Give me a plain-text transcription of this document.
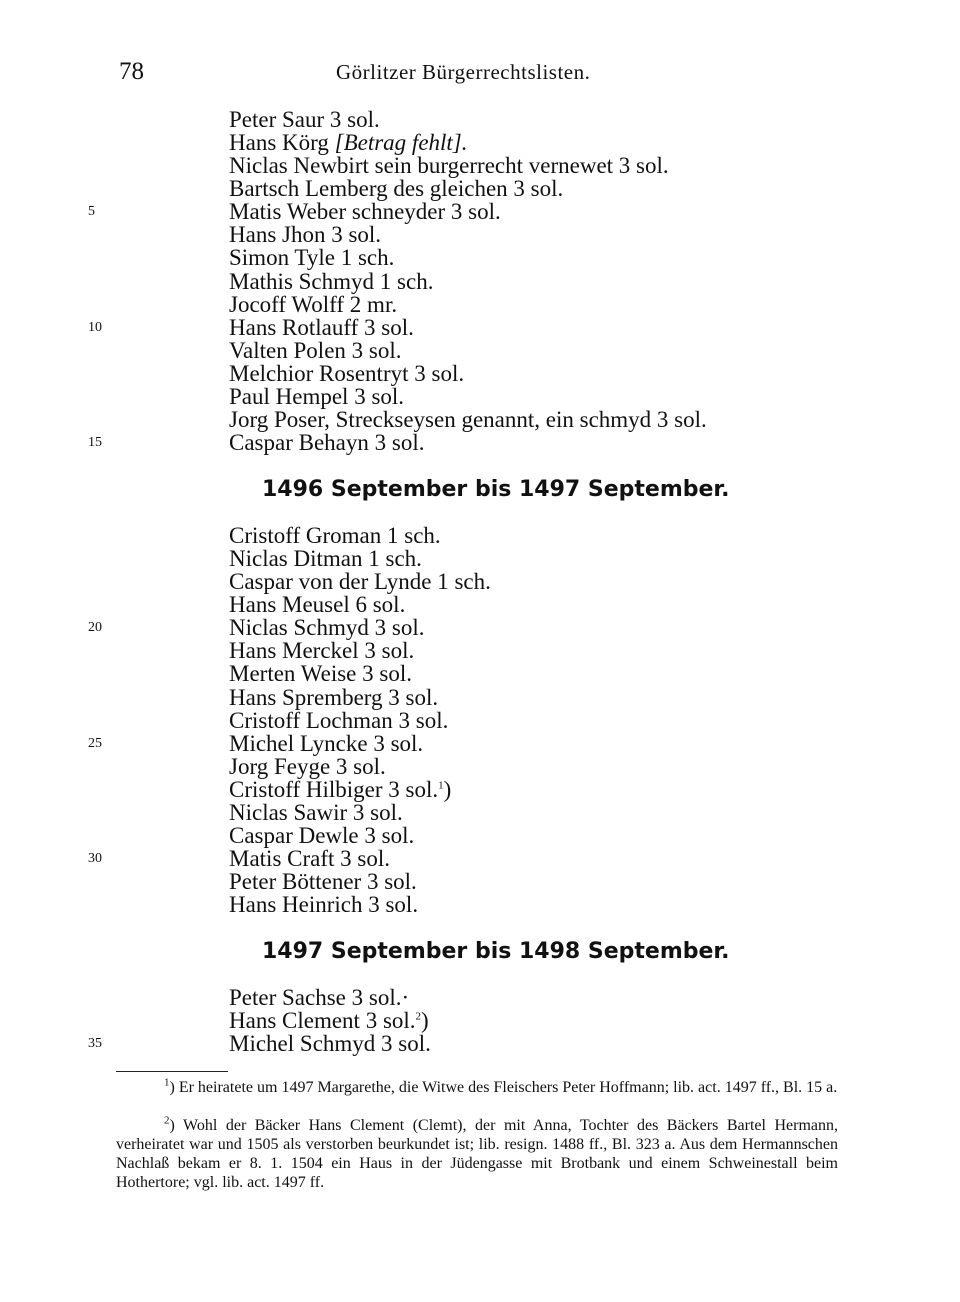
78	Görlitzer Bürgerrechtslisten.
5
10
15
20
25
30
35
Peter Saur 3 sol.
Hans Körg [Betrag fehlt].
Niclas Newbirt sein burgerrecht vernewet 3 sol.
Bartsch Lemberg des gleichen 3 sol.
Matis Weber schneyder 3 sol.
Hans Jhon 3 sol.
Simon Tyle 1 sch.
Mathis Schmyd 1 sch.
Jocoff Wolff 2 mr.
Hans Rotlauff 3 sol.
Valten Polen 3 sol.
Melchior Rosentryt 3 sol.
Paul Hempel 3 sol.
Jorg Poser, Streckseysen genannt, ein schmyd 3 sol.
Caspar Behayn 3 sol.
Cristoff Groman 1 sch.
Niclas Ditman 1 sch.
Caspar von der Lynde 1 sch.
Hans Meusel 6 sol.
Niclas Schmyd 3 sol.
Hans Merckel 3 sol.
Merten Weise 3 sol.
Hans Spremberg 3 sol.
Cristoff Lochman 3 sol.
Michel Lyncke 3 sol.
Jorg Feyge 3 sol.
Cristoff Hilbiger 3 sol.$^1$)
Niclas Sawir 3 sol.
Caspar Dewle 3 sol.
Matis Craft 3 sol.
Peter Böttener 3 sol.
Hans Heinrich 3 sol.
Peter Sachse 3 sol.·
Hans Clement 3 sol.$^2$)
Michel Schmyd 3 sol.
1496 September bis 1497 September.
1497 September bis 1498 September.
$^1$) Er heiratete um 1497 Margarethe, die Witwe des Fleischers Peter Hoffmann; lib. act. 1497 ff., Bl. 15 a.
$^2$) Wohl der Bäcker Hans Clement (Clemt), der mit Anna, Tochter des Bäckers Bartel Hermann, verheiratet war und 1505 als verstorben beurkundet ist; lib. resign. 1488 ff., Bl. 323 a. Aus dem Hermannschen Nachlaß bekam er 8. 1. 1504 ein Haus in der Jüdengasse mit Brotbank und einem Schweinestall beim Hothertore; vgl. lib. act. 1497 ff.
